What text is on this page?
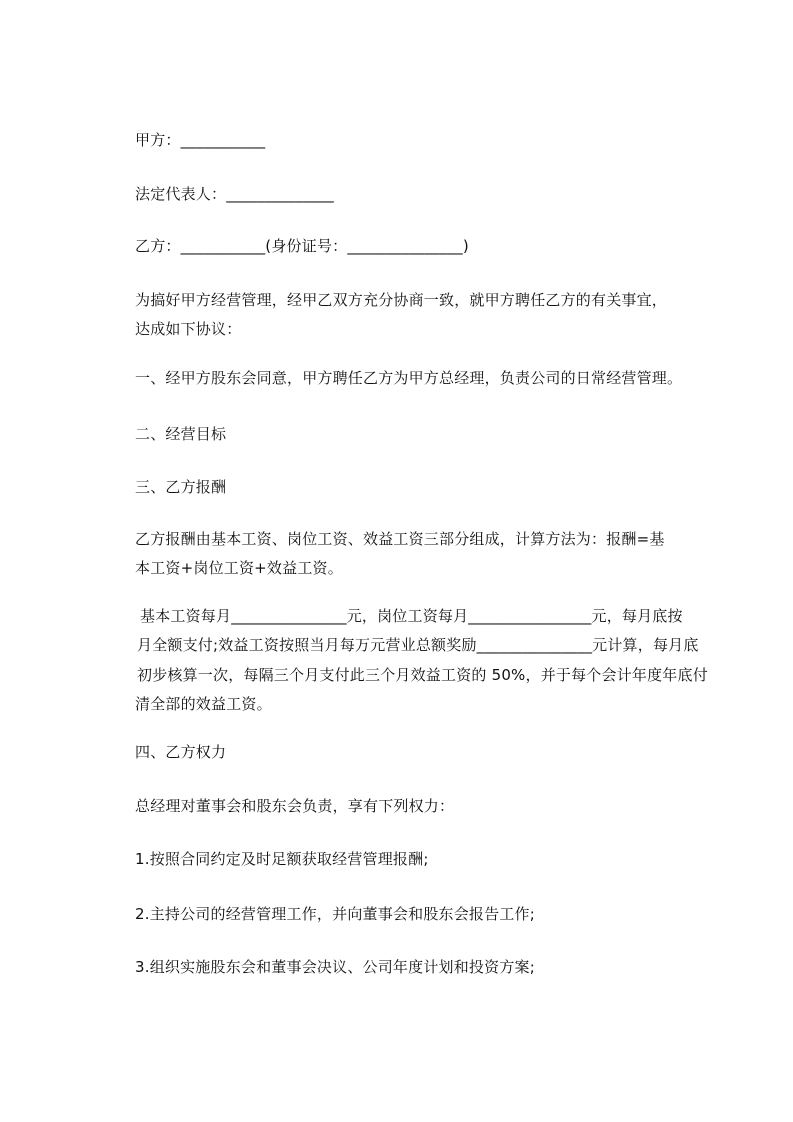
甲方：___________
法定代表人：______________
乙方：___________(身份证号：_______________)
为搞好甲方经营管理，经甲乙双方充分协商一致，就甲方聘任乙方的有关事宜，
达成如下协议：
一、经甲方股东会同意，甲方聘任乙方为甲方总经理，负责公司的日常经营管理。
二、经营目标
三、乙方报酬
乙方报酬由基本工资、岗位工资、效益工资三部分组成，计算方法为：报酬=基
本工资+岗位工资+效益工资。
基本工资每月_______________元，岗位工资每月________________元，每月底按
月全额支付;效益工资按照当月每万元营业总额奖励_______________元计算，每月底
初步核算一次，每隔三个月支付此三个月效益工资的 50%，并于每个会计年度年底付
清全部的效益工资。
四、乙方权力
总经理对董事会和股东会负责，享有下列权力：
1.按照合同约定及时足额获取经营管理报酬;
2.主持公司的经营管理工作，并向董事会和股东会报告工作;
3.组织实施股东会和董事会决议、公司年度计划和投资方案;
